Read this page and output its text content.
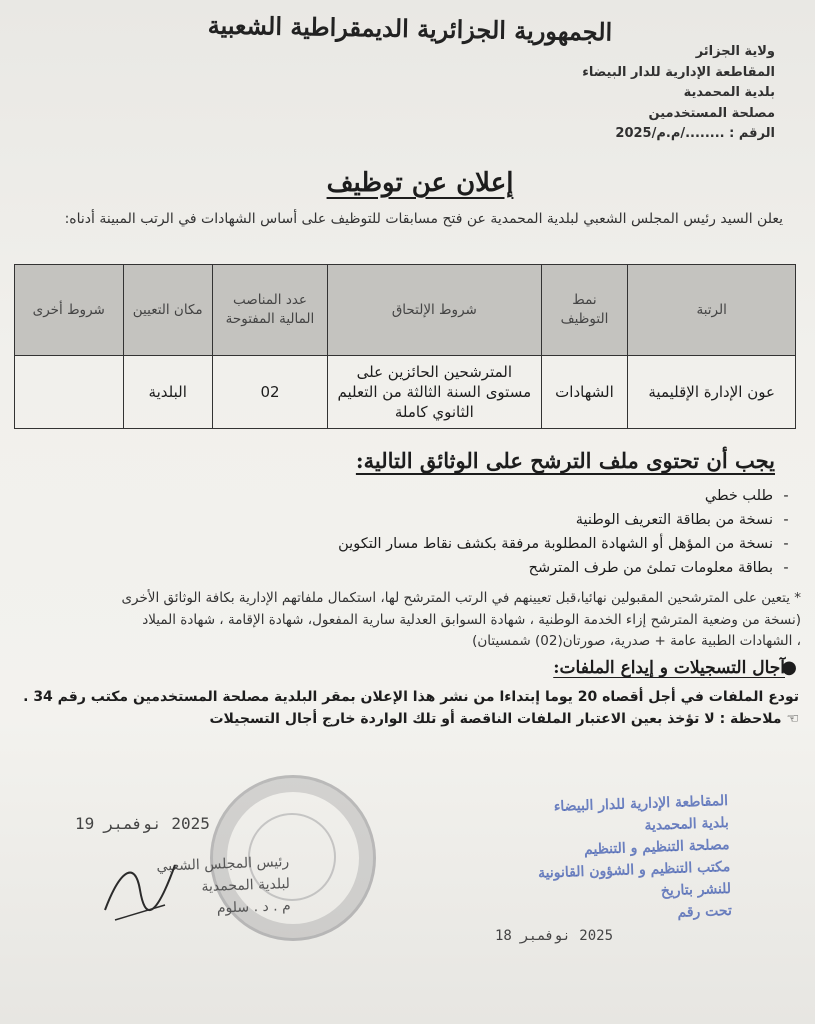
الجمهورية الجزائرية الديمقراطية الشعبية
ولاية الجزائر
المقاطعة الإدارية للدار البيضاء
بلدية المحمدية
مصلحة المستخدمين
الرقم : ......../م.م/2025
إعلان عن توظيف
يعلن السيد رئيس المجلس الشعبي لبلدية المحمدية عن فتح مسابقات للتوظيف على أساس الشهادات في الرتب المبينة أدناه:
الرتبة	نمط التوظيف	شروط الإلتحاق	عدد المناصب المالية المفتوحة	مكان التعيين	شروط أخرى
عون الإدارة الإقليمية	الشهادات	المترشحين الحائزين على مستوى السنة الثالثة من التعليم الثانوي كاملة	02	البلدية	
يجب أن تحتوى ملف الترشح على الوثائق التالية:
- طلب خطي
- نسخة من بطاقة التعريف الوطنية
- نسخة من المؤهل أو الشهادة المطلوبة مرفقة بكشف نقاط مسار التكوين
- بطاقة معلومات تملئ من طرف المترشح
* يتعين على المترشحين المقبولين نهائيا،قبل تعيينهم في الرتب المترشح لها، استكمال ملفاتهم الإدارية بكافة الوثائق الأخرى
(نسخة من وضعية المترشح إزاء الخدمة الوطنية ، شهادة السوابق العدلية سارية المفعول، شهادة الإقامة ، شهادة الميلاد
، الشهادات الطبية عامة + صدرية، صورتان(02) شمسيتان)
●
آجال التسجيلات و إيداع الملفات:
تودع الملفات في أجل أقصاه 20 يوما إبتداءا من نشر هذا الإعلان بمقر البلدية مصلحة المستخدمين مكتب رقم 34 .
☜ ملاحظة : لا تؤخذ بعين الاعتبار الملفات الناقصة أو تلك الواردة خارج أجال التسجيلات
2025 نوفمبر 19
رئيس المجلس الشعبي
لبلدية المحمدية
م . د . سلوم
المقاطعة الإدارية للدار البيضاء
بلدية المحمدية
مصلحة التنظيم و التنظيم
مكتب التنظيم و الشؤون القانونية
للنشر بتاريخ
تحت رقم
2025 نوفمبر 18
